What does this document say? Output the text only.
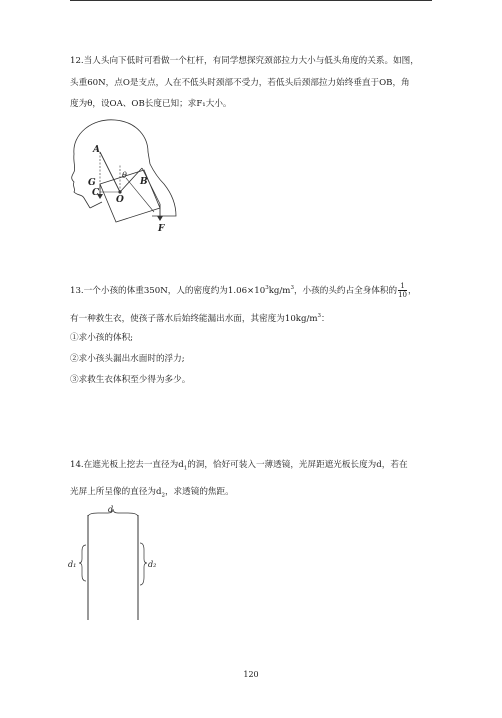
12.当人头向下低时可看做一个杠杆，有同学想探究颈部拉力大小与低头角度的关系。如图，
头重60N，点O是支点，人在不低头时颈部不受力，若低头后颈部拉力始终垂直于OB，角
度为θ，设OA、OB长度已知；求F₁大小。
A
θ
B
G
C
O
F
13.一个小孩的体重350N，人的密度约为$1.06\times 10^3kg/m^3$，小孩的头约占全身体积的 $\frac{1}{10}$ ，
有一种救生衣，使孩子落水后始终能漏出水面，其密度为$10kg/m^3$：
①求小孩的体积;
②求小孩头漏出水面时的浮力;
③求救生衣体积至少得为多少。
14.在遮光板上挖去一直径为$d_1$的洞，恰好可装入一薄透镜，光屏距遮光板长度为d，若在
光屏上所呈像的直径为$d_2$，求透镜的焦距。
d
d₁	d₂
120
